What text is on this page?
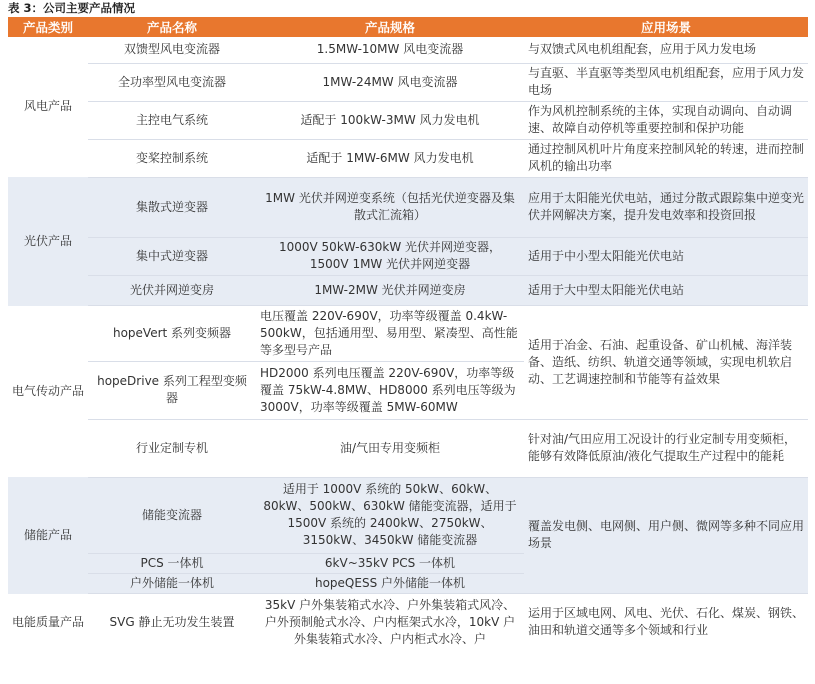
表 3：公司主要产品情况
产品类别	产品名称	产品规格	应用场景
风电产品	双馈型风电变流器	1.5MW-10MW 风电变流器	与双馈式风电机组配套，应用于风力发电场
	全功率型风电变流器	1MW-24MW 风电变流器	与直驱、半直驱等类型风电机组配套，应用于风力发电场
	主控电气系统	适配于 100kW-3MW 风力发电机	作为风机控制系统的主体，实现自动调向、自动调速、故障自动停机等重要控制和保护功能
	变桨控制系统	适配于 1MW-6MW 风力发电机	通过控制风机叶片角度来控制风轮的转速，进而控制风机的输出功率
光伏产品	集散式逆变器	1MW 光伏并网逆变系统（包括光伏逆变器及集散式汇流箱）	应用于太阳能光伏电站，通过分散式跟踪集中逆变光伏并网解决方案，提升发电效率和投资回报
	集中式逆变器	1000V 50kW-630kW 光伏并网逆变器，1500V 1MW 光伏并网逆变器	适用于中小型太阳能光伏电站
	光伏并网逆变房	1MW-2MW 光伏并网逆变房	适用于大中型太阳能光伏电站
电气传动产品	hopeVert 系列变频器	电压覆盖 220V-690V，功率等级覆盖 0.4kW-500kW，包括通用型、易用型、紧凑型、高性能等多型号产品	适用于冶金、石油、起重设备、矿山机械、海洋装备、造纸、纺织、轨道交通等领域，实现电机软启动、工艺调速控制和节能等有益效果
	hopeDrive 系列工程型变频器	HD2000 系列电压覆盖 220V-690V，功率等级覆盖 75kW-4.8MW、HD8000 系列电压等级为 3000V，功率等级覆盖 5MW-60MW	
	行业定制专机	油/气田专用变频柜	针对油/气田应用工况设计的行业定制专用变频柜，能够有效降低原油/液化气提取生产过程中的能耗
储能产品	储能变流器	适用于 1000V 系统的 50kW、60kW、80kW、500kW、630kW 储能变流器，适用于 1500V 系统的 2400kW、2750kW、3150kW、3450kW 储能变流器	覆盖发电侧、电网侧、用户侧、微网等多种不同应用场景
	PCS 一体机	6kV~35kV PCS 一体机	
	户外储能一体机	hopeQESS 户外储能一体机	
电能质量产品	SVG 静止无功发生装置	35kV 户外集装箱式水冷、户外集装箱式风冷、户外预制舱式水冷、户内框架式水冷，10kV 户外集装箱式水冷、户内柜式水冷、户	运用于区域电网、风电、光伏、石化、煤炭、钢铁、油田和轨道交通等多个领域和行业
